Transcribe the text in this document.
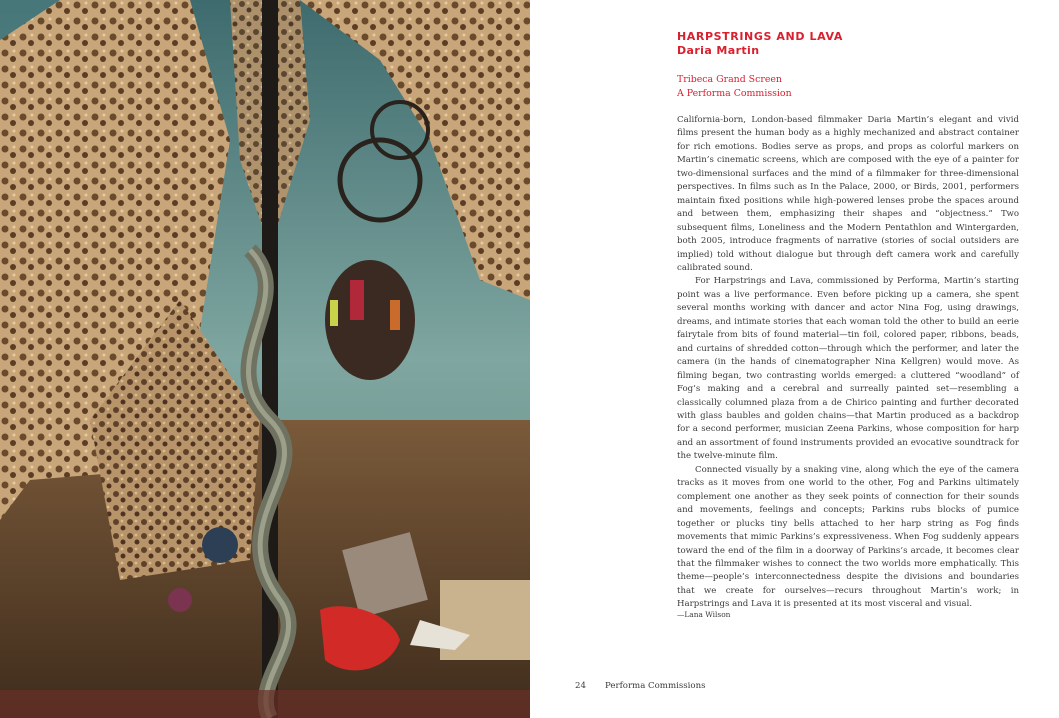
HARPSTRINGS AND LAVA
Daria Martin

Tribeca Grand Screen

A Performa Commission

California-born, London-based filmmaker Daria Martin’s elegant and vivid films present the human body as a highly mechanized and abstract container for rich emotions. Bodies serve as props, and props as colorful markers on Martin’s cinematic screens, which are composed with the eye of a painter for two-dimensional surfaces and the mind of a filmmaker for three-dimensional perspectives. In films such as In the Palace, 2000, or Birds, 2001, performers maintain fixed positions while high-powered lenses probe the spaces around and between them, emphasizing their shapes and “objectness.” Two subsequent films, Loneliness and the Modern Pentathlon and Wintergarden, both 2005, introduce fragments of narrative (stories of social outsiders are implied) told without dialogue but through deft camera work and carefully calibrated sound.

For Harpstrings and Lava, commissioned by Performa, Martin’s starting point was a live performance. Even before picking up a camera, she spent several months working with dancer and actor Nina Fog, using drawings, dreams, and intimate stories that each woman told the other to build an eerie fairytale from bits of found material—tin foil, colored paper, ribbons, beads, and curtains of shredded cotton—through which the performer, and later the camera (in the hands of cinematographer Nina Kellgren) would move. As filming began, two contrasting worlds emerged: a cluttered “woodland” of Fog’s making and a cerebral and surreally painted set—resembling a classically columned plaza from a de Chirico painting and further decorated with glass baubles and golden chains—that Martin produced as a backdrop for a second performer, musician Zeena Parkins, whose composition for harp and an assortment of found instruments provided an evocative soundtrack for the twelve-minute film.

Connected visually by a snaking vine, along which the eye of the camera tracks as it moves from one world to the other, Fog and Parkins ultimately complement one another as they seek points of connection for their sounds and movements, feelings and concepts; Parkins rubs blocks of pumice together or plucks tiny bells attached to her harp string as Fog finds movements that mimic Parkins’s expressiveness. When Fog suddenly appears toward the end of the film in a doorway of Parkins’s arcade, it becomes clear that the filmmaker wishes to connect the two worlds more emphatically. This theme—people’s interconnectedness despite the divisions and boundaries that we create for ourselves—recurs throughout Martin’s work; in Harpstrings and Lava it is presented at its most visceral and visual.

—Lana Wilson

24 Performa Commissions
